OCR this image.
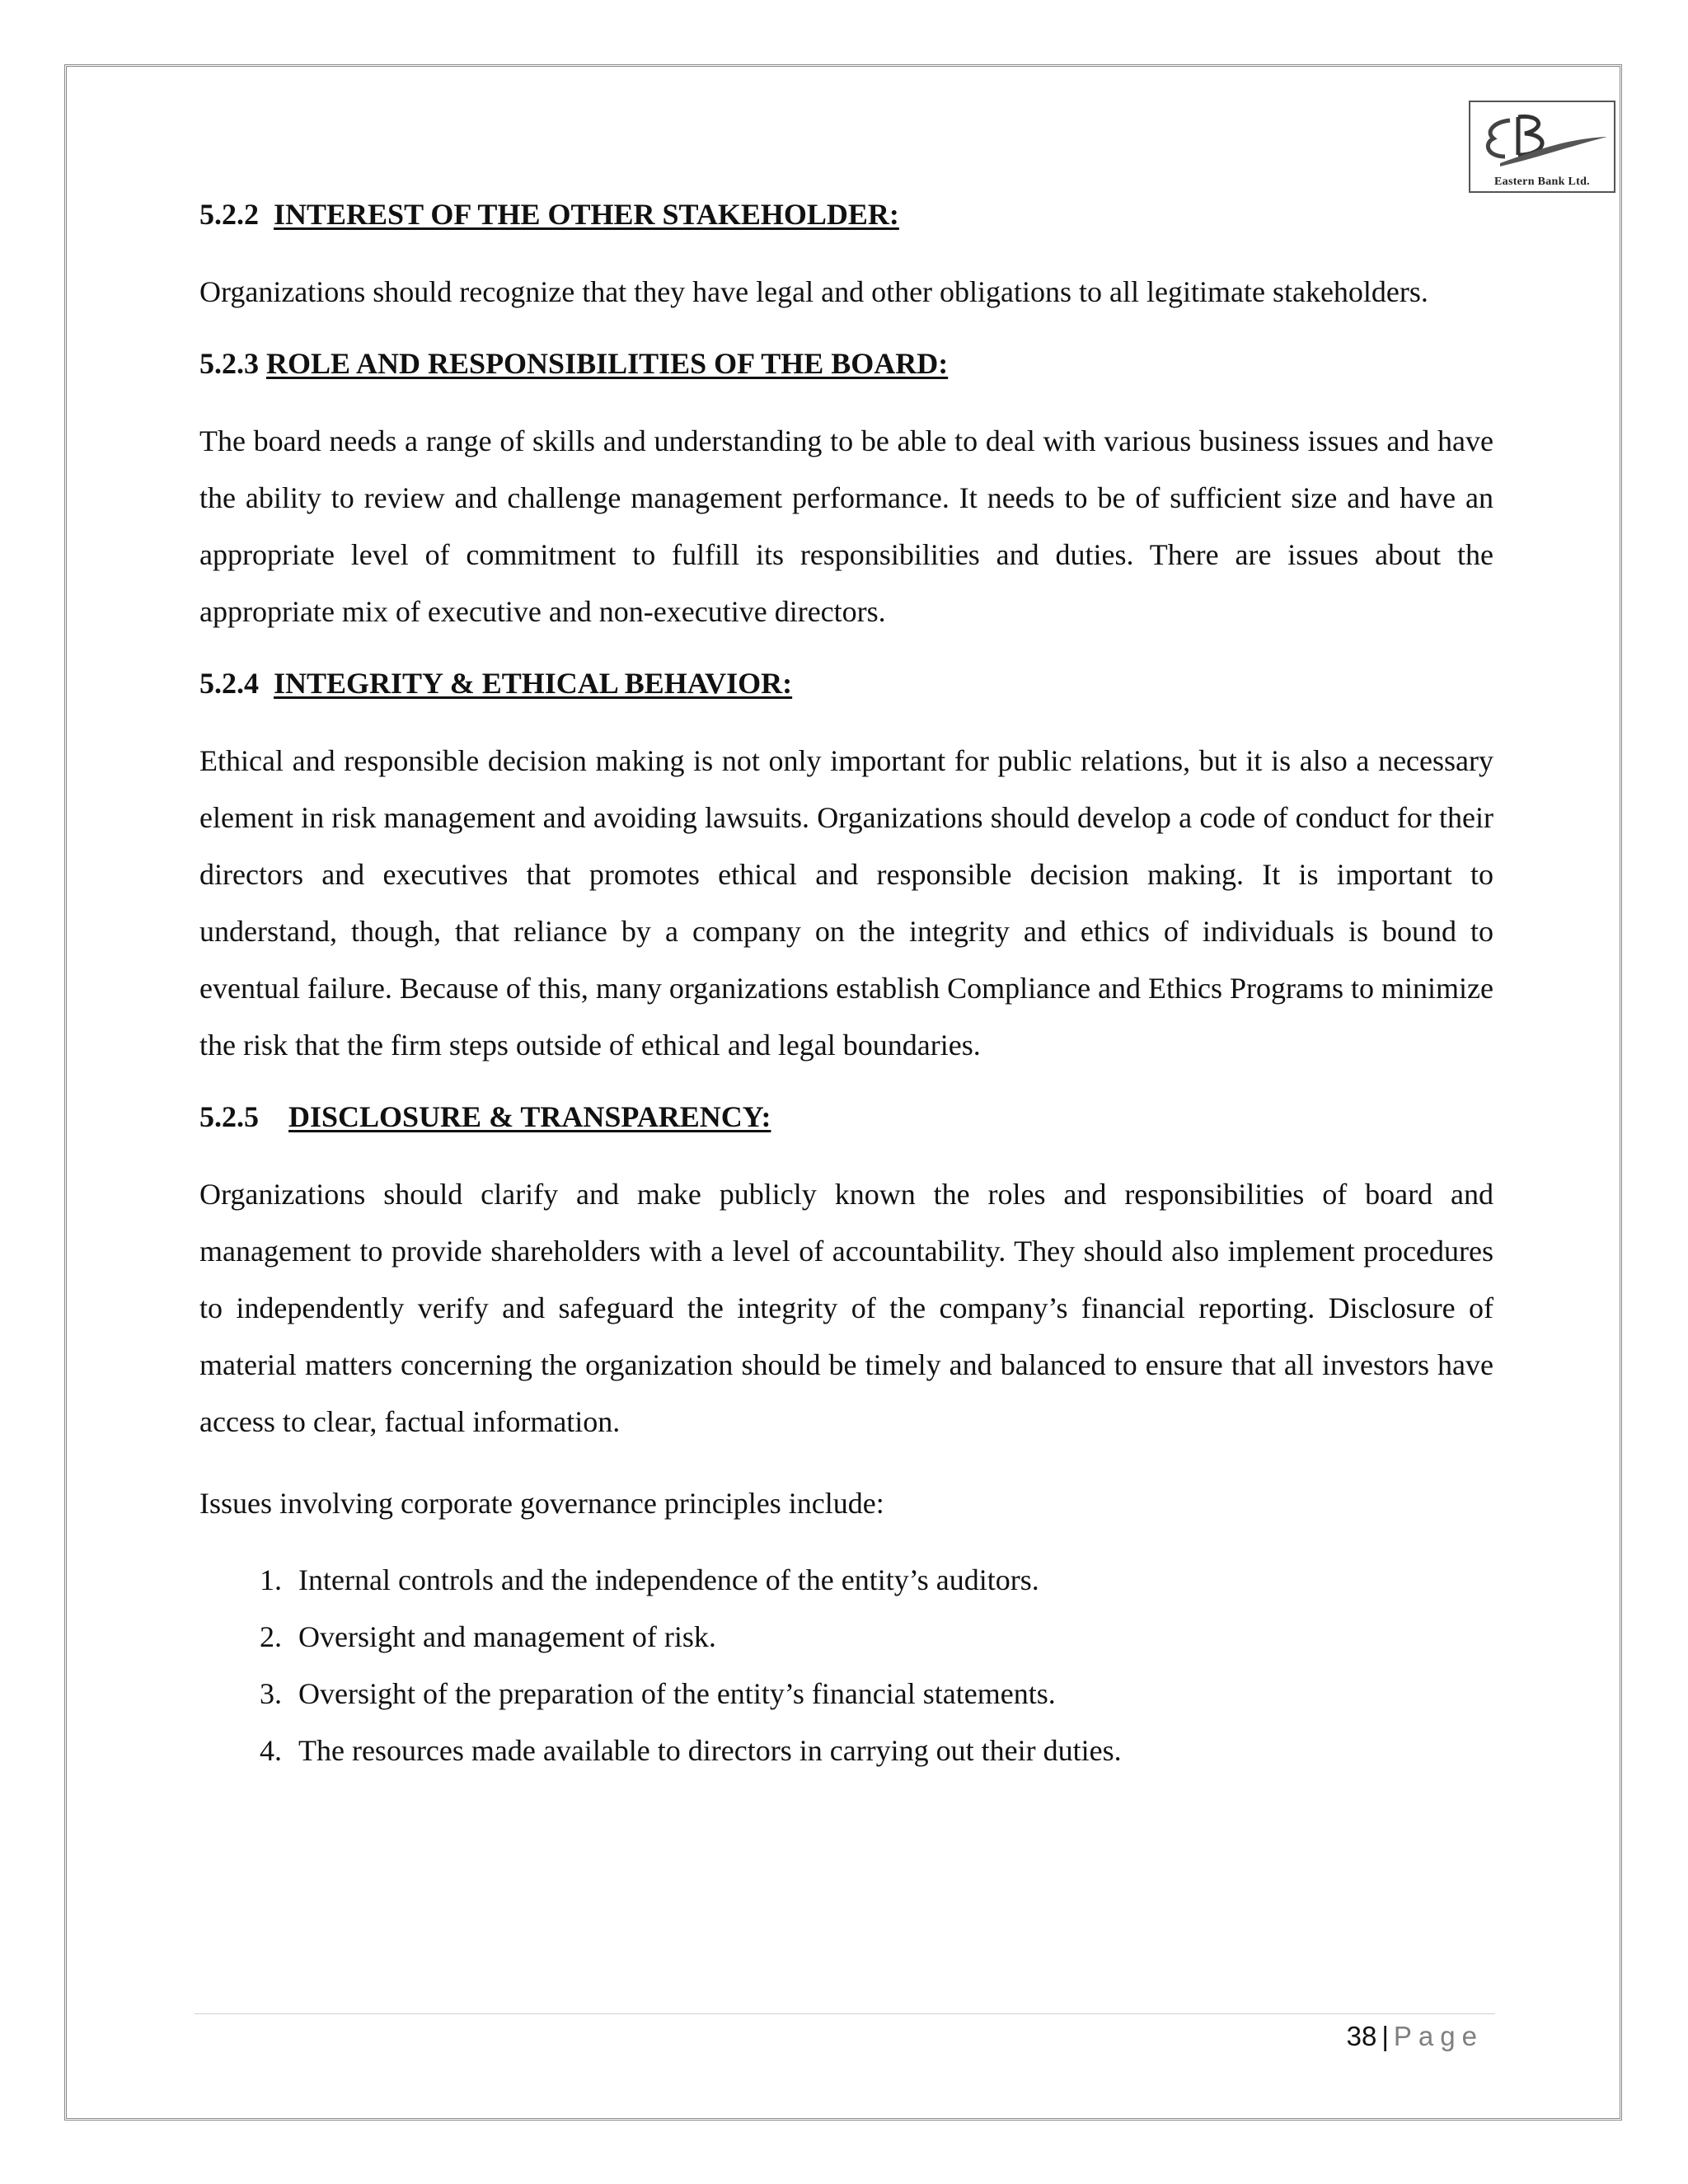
Eastern Bank Ltd.
5.2.2 INTEREST OF THE OTHER STAKEHOLDER:

Organizations should recognize that they have legal and other obligations to all legitimate stakeholders.

5.2.3 ROLE AND RESPONSIBILITIES OF THE BOARD:

The board needs a range of skills and understanding to be able to deal with various business issues and have the ability to review and challenge management performance. It needs to be of sufficient size and have an appropriate level of commitment to fulfill its responsibilities and duties. There are issues about the appropriate mix of executive and non-executive directors.

5.2.4 INTEGRITY & ETHICAL BEHAVIOR:

Ethical and responsible decision making is not only important for public relations, but it is also a necessary element in risk management and avoiding lawsuits. Organizations should develop a code of conduct for their directors and executives that promotes ethical and responsible decision making. It is important to understand, though, that reliance by a company on the integrity and ethics of individuals is bound to eventual failure. Because of this, many organizations establish Compliance and Ethics Programs to minimize the risk that the firm steps outside of ethical and legal boundaries.

5.2.5 DISCLOSURE & TRANSPARENCY:

Organizations should clarify and make publicly known the roles and responsibilities of board and management to provide shareholders with a level of accountability. They should also implement procedures to independently verify and safeguard the integrity of the company’s financial reporting. Disclosure of material matters concerning the organization should be timely and balanced to ensure that all investors have access to clear, factual information.

Issues involving corporate governance principles include:

1. Internal controls and the independence of the entity’s auditors.
2. Oversight and management of risk.
3. Oversight of the preparation of the entity’s financial statements.
4. The resources made available to directors in carrying out their duties.
38 | Page
